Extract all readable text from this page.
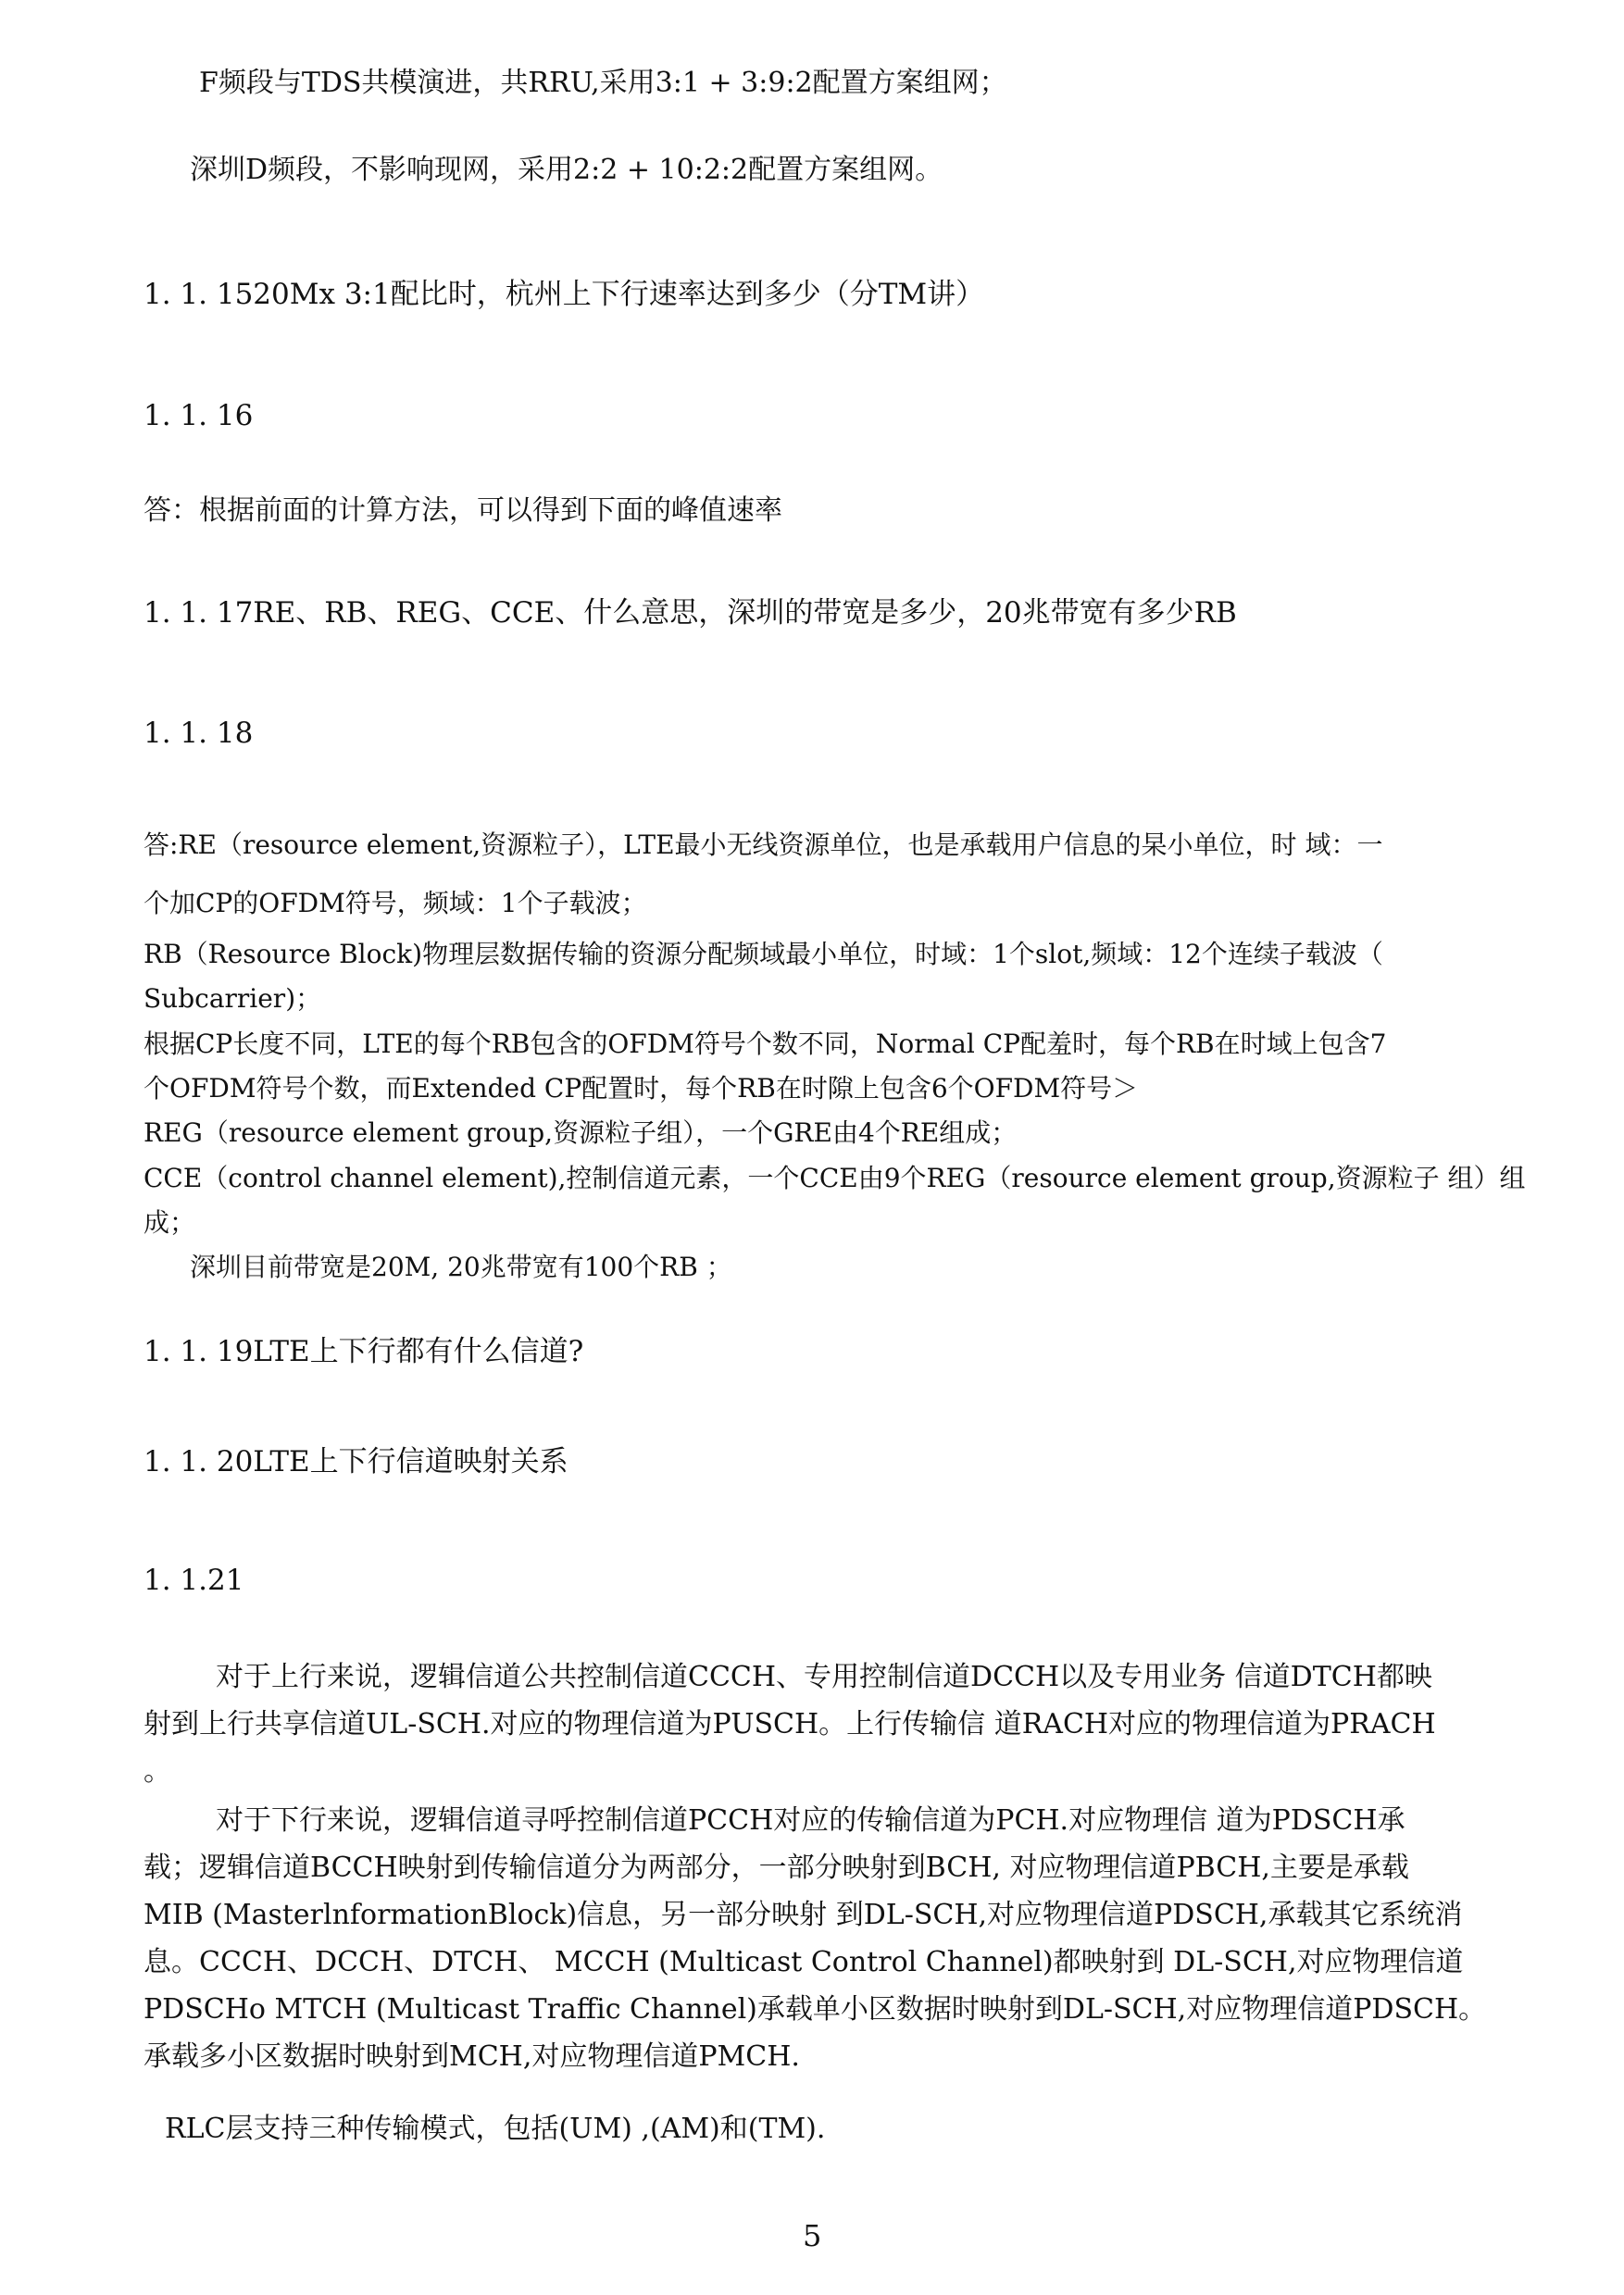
F频段与TDS共模演进，共RRU,采用3:1 + 3:9:2配置方案组网；

深圳D频段，不影响现网，采用2:2 + 10:2:2配置方案组网。

1. 1. 1520Mx 3:1配比时，杭州上下行速率达到多少（分TM讲）

1. 1. 16

答：根据前面的计算方法，可以得到下面的峰值速率

1. 1. 17RE、RB、REG、CCE、什么意思，深圳的带宽是多少，20兆带宽有多少RB

1. 1. 18

答:RE（resource element,资源粒子），LTE最小无线资源单位，也是承载用户信息的杲小单位，时 域：一

个加CP的OFDM符号，频域：1个子载波；

RB（Resource Block)物理层数据传输的资源分配频域最小单位，时域：1个slot,频域：12个连续子载波（

Subcarrier)；

根据CP长度不同，LTE的每个RB包含的OFDM符号个数不同，Normal CP配羞时，每个RB在时域上包含7

个OFDM符号个数，而Extended CP配置时，每个RB在时隙上包含6个OFDM符号＞

REG（resource element group,资源粒子组），一个GRE由4个RE组成；

CCE（control channel element),控制信道元素，一个CCE由9个REG（resource element group,资源粒子 组）组

成；

深圳目前带宽是20M, 20兆带宽有100个RB ；

1. 1. 19LTE上下行都有什么信道?

1. 1. 20LTE上下行信道映射关系

1. 1.21

对于上行来说，逻辑信道公共控制信道CCCH、专用控制信道DCCH以及专用业务 信道DTCH都映

射到上行共享信道UL-SCH.对应的物理信道为PUSCH。上行传输信 道RACH对应的物理信道为PRACH

。

对于下行来说，逻辑信道寻呼控制信道PCCH对应的传输信道为PCH.对应物理信 道为PDSCH承

载；逻辑信道BCCH映射到传输信道分为两部分，一部分映射到BCH, 对应物理信道PBCH,主要是承载

MIB (MasterlnformationBlock)信息，另一部分映射 到DL-SCH,对应物理信道PDSCH,承载其它系统消

息。CCCH、DCCH、DTCH、 MCCH (Multicast Control Channel)都映射到 DL-SCH,对应物理信道

PDSCHo MTCH (Multicast Traffic Channel)承载单小区数据时映射到DL-SCH,对应物理信道PDSCH。

承载多小区数据时映射到MCH,对应物理信道PMCH.

RLC层支持三种传输模式，包括(UM) ,(AM)和(TM).

5
